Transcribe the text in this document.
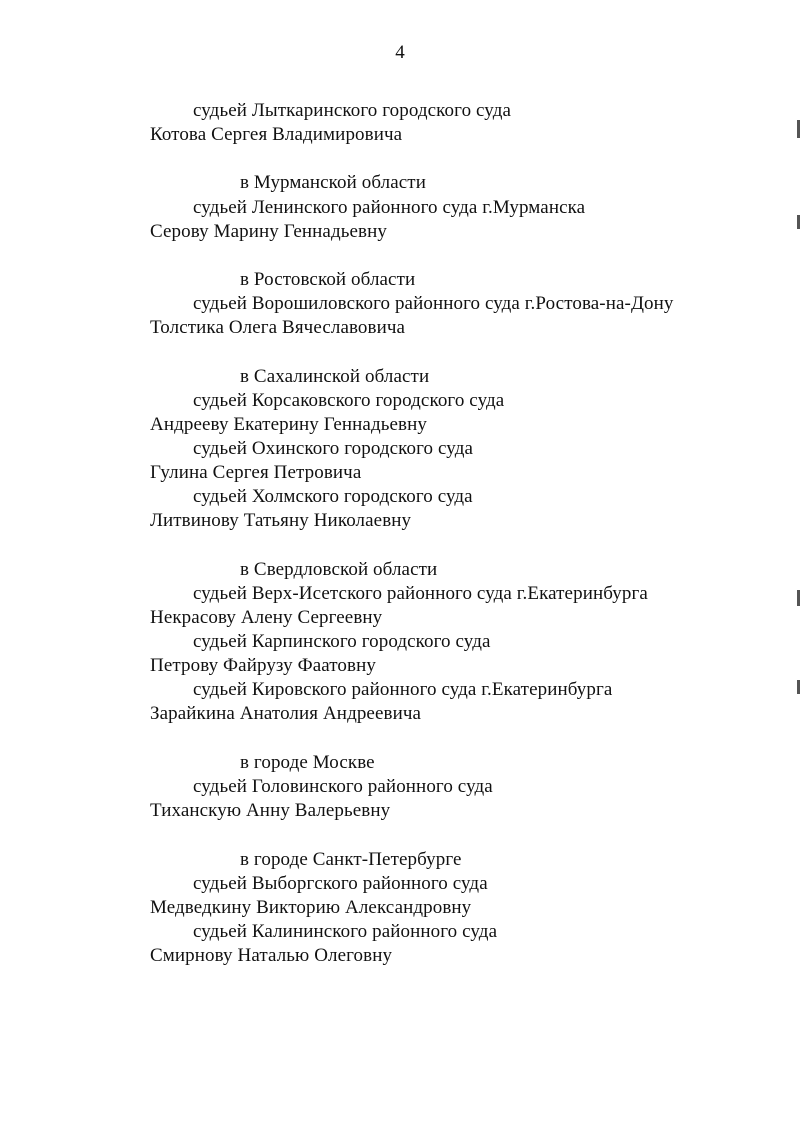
4
судьей Лыткаринского городского суда
Котова Сергея Владимировича
в Мурманской области
судьей Ленинского районного суда г.Мурманска
Серову Марину Геннадьевну
в Ростовской области
судьей Ворошиловского районного суда г.Ростова-на-Дону
Толстика Олега Вячеславовича
в Сахалинской области
судьей Корсаковского городского суда
Андрееву Екатерину Геннадьевну
судьей Охинского городского суда
Гулина Сергея Петровича
судьей Холмского городского суда
Литвинову Татьяну Николаевну
в Свердловской области
судьей Верх-Исетского районного суда г.Екатеринбурга
Некрасову Алену Сергеевну
судьей Карпинского городского суда
Петрову Файрузу Фаатовну
судьей Кировского районного суда г.Екатеринбурга
Зарайкина Анатолия Андреевича
в городе Москве
судьей Головинского районного суда
Тиханскую Анну Валерьевну
в городе Санкт-Петербурге
судьей Выборгского районного суда
Медведкину Викторию Александровну
судьей Калининского районного суда
Смирнову Наталью Олеговну
